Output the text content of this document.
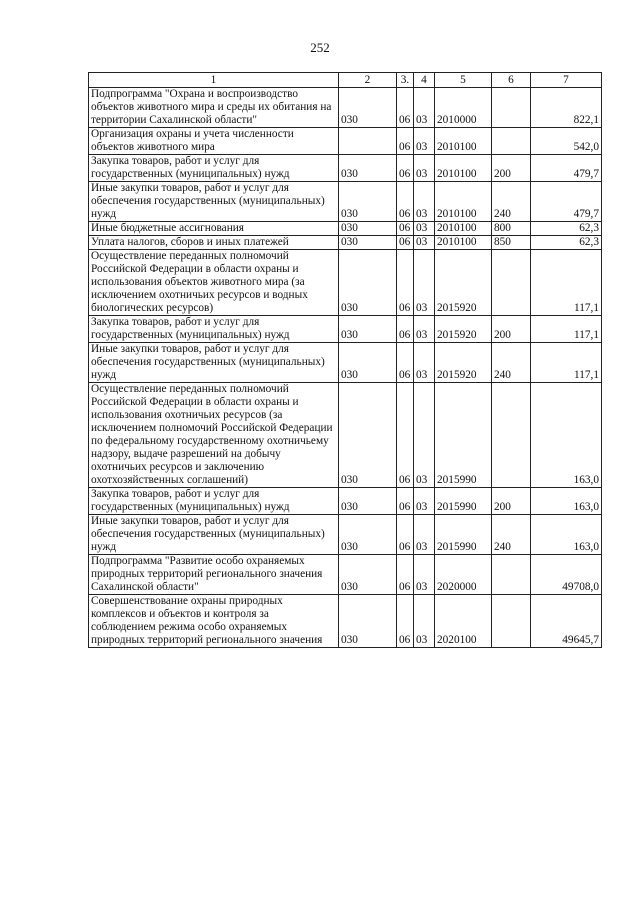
252
1	2	3.	4	5	6	7
Подпрограмма "Охрана и воспроизводство объектов животного мира и среды их обитания на территории Сахалинской области"	030	06	03	2010000		822,1
Организация охраны и учета численности объектов животного мира		06	03	2010100		542,0
Закупка товаров, работ и услуг для государственных (муниципальных) нужд	030	06	03	2010100	200	479,7
Иные закупки товаров, работ и услуг для обеспечения государственных (муниципальных) нужд	030	06	03	2010100	240	479,7
Иные бюджетные ассигнования	030	06	03	2010100	800	62,3
Уплата налогов, сборов и иных платежей	030	06	03	2010100	850	62,3
Осуществление переданных полномочий Российской Федерации в области охраны и использования объектов животного мира (за исключением охотничьих ресурсов и водных биологических ресурсов)	030	06	03	2015920		117,1
Закупка товаров, работ и услуг для государственных (муниципальных) нужд	030	06	03	2015920	200	117,1
Иные закупки товаров, работ и услуг для обеспечения государственных (муниципальных) нужд	030	06	03	2015920	240	117,1
Осуществление переданных полномочий Российской Федерации в области охраны и использования охотничьих ресурсов (за исключением полномочий Российской Федерации по федеральному государственному охотничьему надзору, выдаче разрешений на добычу охотничьих ресурсов и заключению охотхозяйственных соглашений)	030	06	03	2015990		163,0
Закупка товаров, работ и услуг для государственных (муниципальных) нужд	030	06	03	2015990	200	163,0
Иные закупки товаров, работ и услуг для обеспечения государственных (муниципальных) нужд	030	06	03	2015990	240	163,0
Подпрограмма "Развитие особо охраняемых природных территорий регионального значения Сахалинской области"	030	06	03	2020000		49708,0
Совершенствование охраны природных комплексов и объектов и контроля за соблюдением режима особо охраняемых природных территорий регионального значения	030	06	03	2020100		49645,7
